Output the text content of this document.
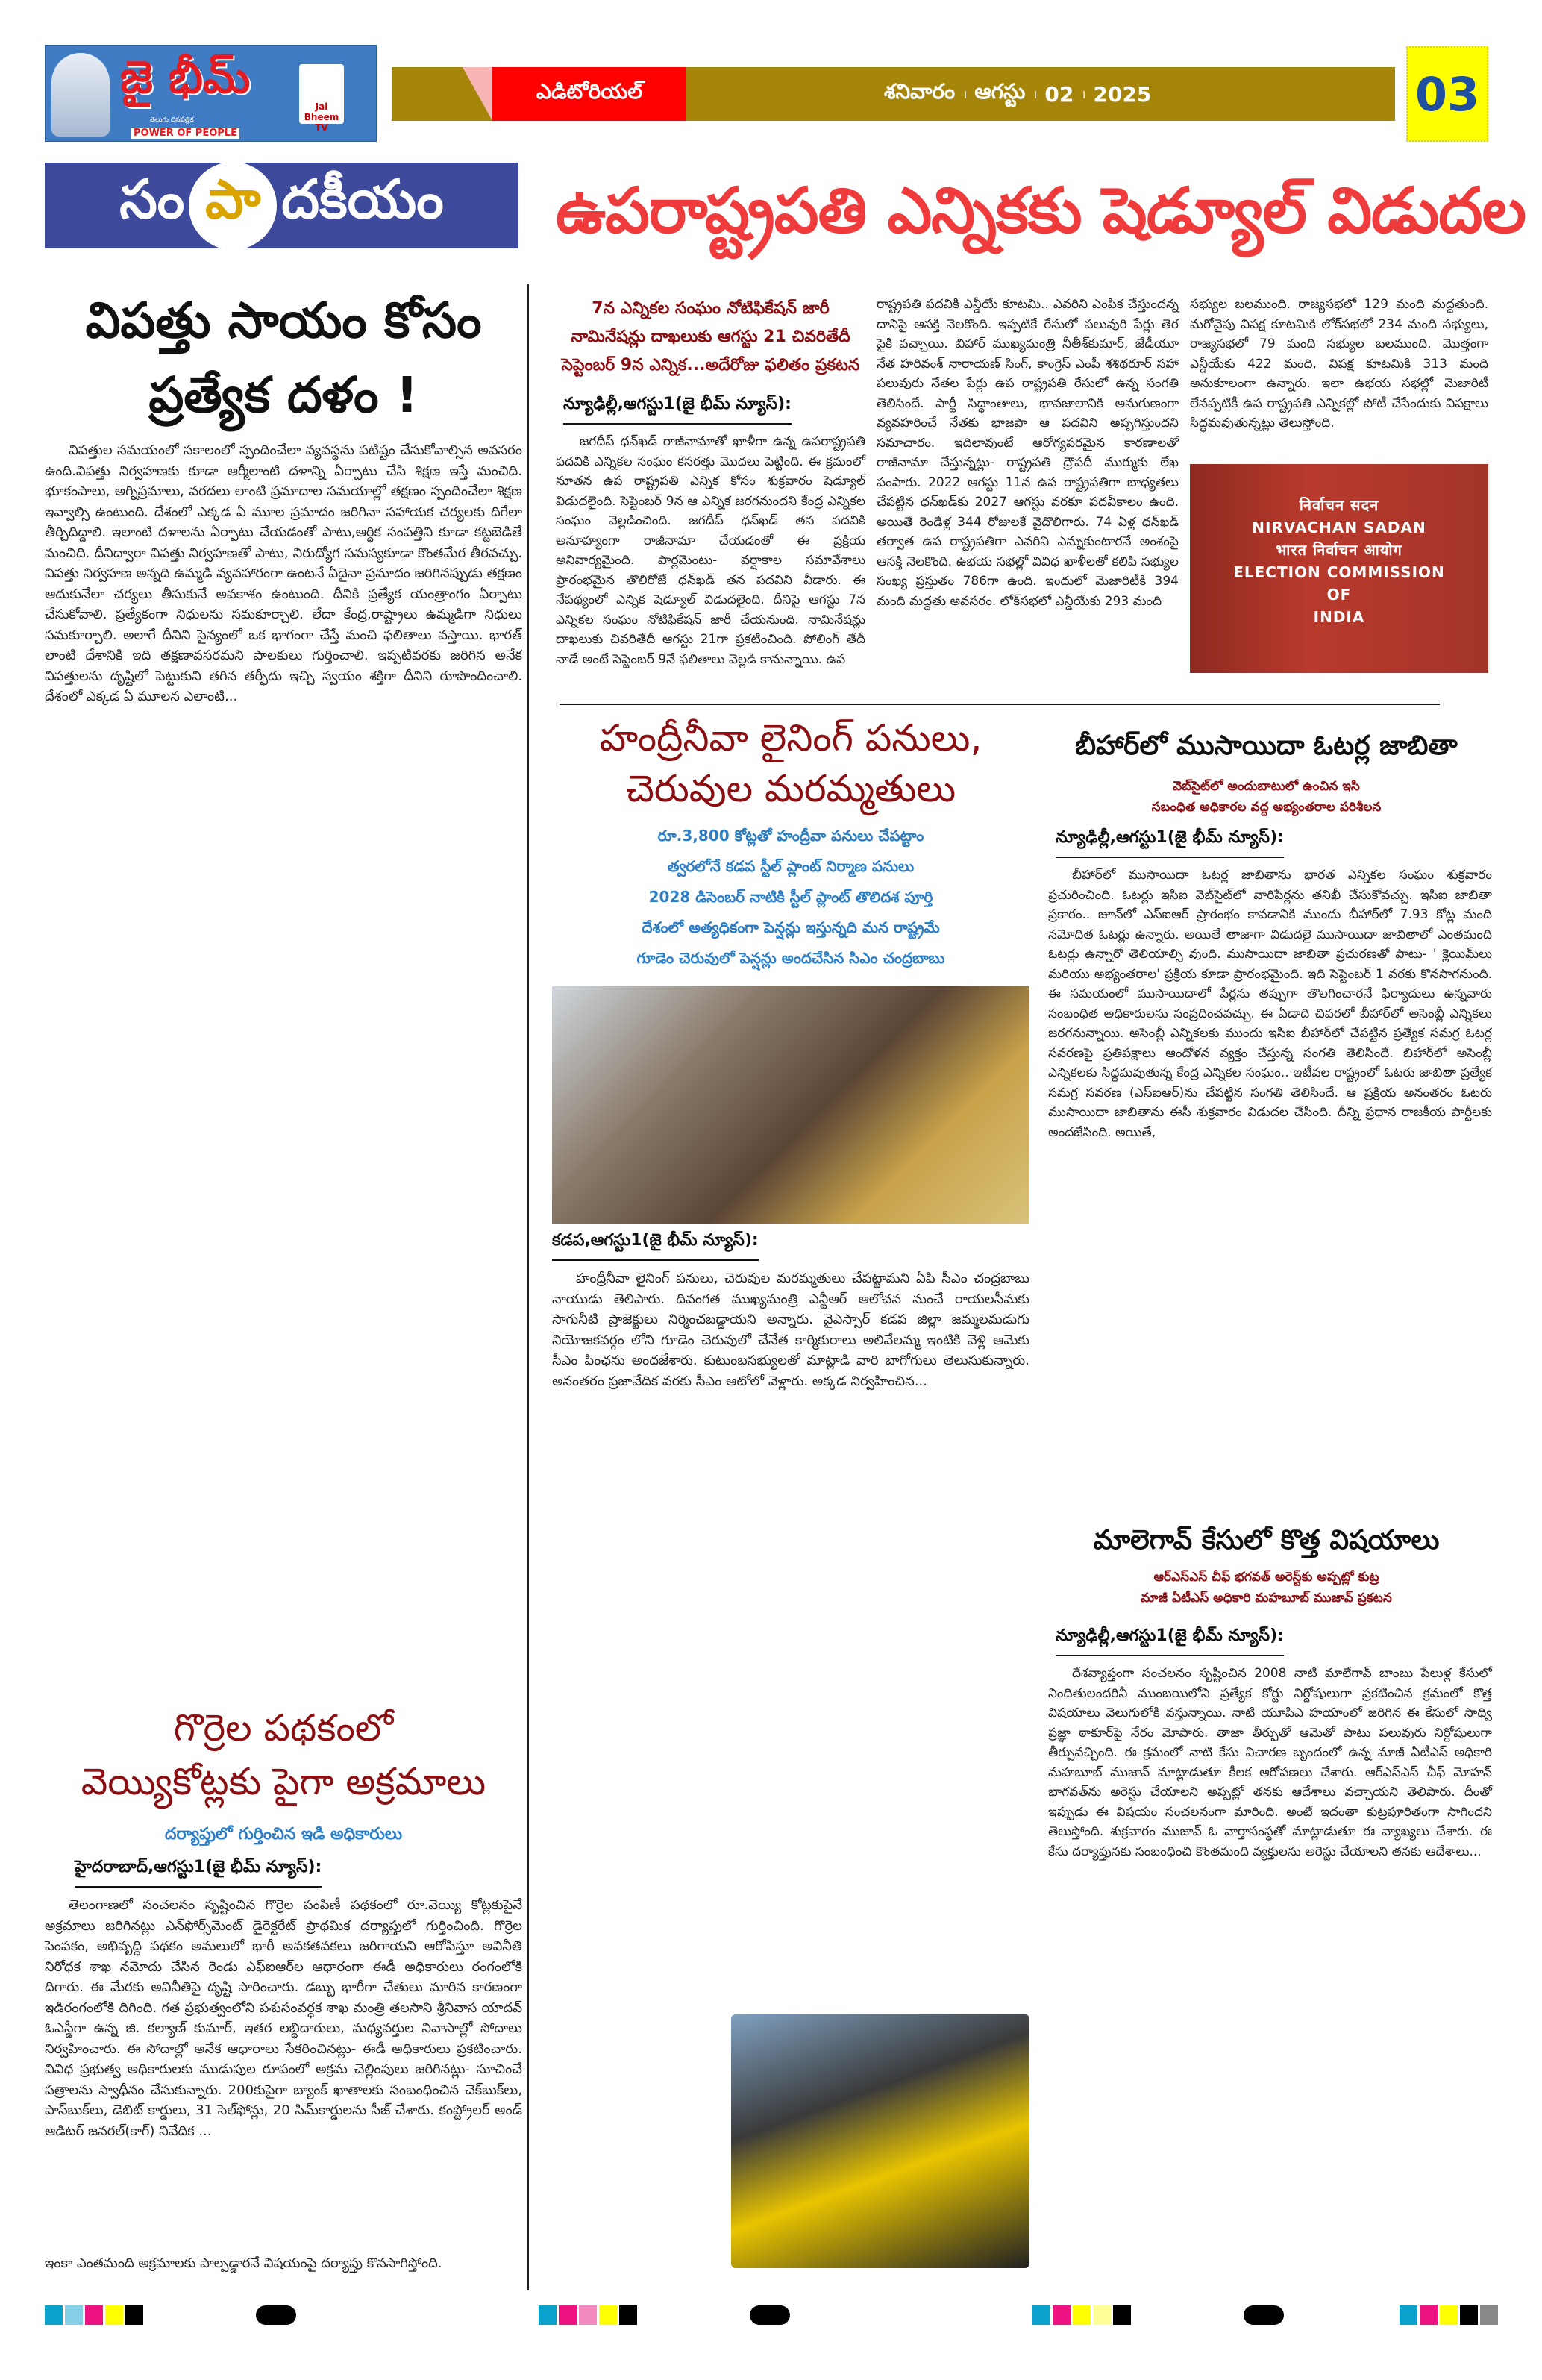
జై భీమ్
తెలుగు దినపత్రిక
POWER OF PEOPLE
Jai Bheem TV
ఎడిటోరియల్	శనివారం । ఆగస్టు । 02 । 2025	03
సం పా దకీయం ఉపరాష్ట్రపతి ఎన్నికకు షెడ్యూల్ విడుదల
విపత్తు సాయం కోసం ప్రత్యేక దళం !
విపత్తుల సమయంలో సకాలంలో స్పందించేలా వ్యవస్థను పటిష్టం చేసుకోవాల్సిన అవసరం ఉంది.విపత్తు నిర్వహణకు కూడా ఆర్మీలాంటి దళాన్ని ఏర్పాటు చేసి శిక్షణ ఇస్తే మంచిది. భూకంపాలు, అగ్నిప్రమాలు, వరదలు లాంటి ప్రమాదాల సమయాల్లో తక్షణం స్పందించేలా శిక్షణ ఇవ్వాల్సి ఉంటుంది. దేశంలో ఎక్కడ ఏ మూల ప్రమాదం జరిగినా సహాయక చర్యలకు దిగేలా తీర్చిదిద్దాలి. ఇలాంటి దళాలను ఏర్పాటు చేయడంతో పాటు,ఆర్థిక సంపత్తిని కూడా కట్టబెడితే మంచిది. దీనిద్వారా విపత్తు నిర్వహణతో పాటు, నిరుద్యోగ సమస్యకూడా కొంతమేర తీరవచ్చు. విపత్తు నిర్వహణ అన్నది ఉమ్మడి వ్యవహారంగా ఉంటనే ఏదైనా ప్రమాదం జరిగినప్పుడు తక్షణం ఆదుకునేలా చర్యలు తీసుకునే అవకాశం ఉంటుంది. దీనికి ప్రత్యేక యంత్రాంగం ఏర్పాటు చేసుకోవాలి. ప్రత్యేకంగా నిధులను సమకూర్చాలి. లేదా కేంద్ర,రాష్ట్రాలు ఉమ్మడిగా నిధులు సమకూర్చాలి. అలాగే దీనిని సైన్యంలో ఒక భాగంగా చేస్తే మంచి ఫలితాలు వస్తాయి. భారత్ లాంటి దేశానికి ఇది తక్షణావసరమని పాలకులు గుర్తించాలి. ఇప్పటివరకు జరిగిన అనేక విపత్తులను దృష్టిలో పెట్టుకుని తగిన తర్ఫీదు ఇచ్చి స్వయం శక్తిగా దీనిని రూపొందించాలి. దేశంలో ఎక్కడ ఏ మూలన ఎలాంటి...
గొర్రెల పథకంలో
వెయ్యికోట్లకు పైగా అక్రమాలు
దర్యాప్తులో గుర్తించిన ఇడి అధికారులు
హైదరాబాద్,ఆగస్టు1(జై భీమ్ న్యూస్):
తెలంగాణలో సంచలనం సృష్టించిన గొర్రెల పంపిణీ పథకంలో రూ.వెయ్యి కోట్లకుపైనే అక్రమాలు జరిగినట్లు ఎన్‌ఫోర్స్‌మెంట్ డైరెక్టరేట్ ప్రాథమిక దర్యాప్తులో గుర్తించింది. గొర్రెల పెంపకం, అభివృద్ధి పథకం అమలులో భారీ అవకతవకలు జరిగాయని ఆరోపిస్తూ అవినీతి నిరోధక శాఖ నమోదు చేసిన రెండు ఎఫ్‌ఐఆర్‌ల ఆధారంగా ఈడీ అధికారులు రంగంలోకి దిగారు. ఈ మేరకు అవినీతిపై దృష్టి సారించారు. డబ్బు భారీగా చేతులు మారిన కారణంగా ఇడిరంగంలోకి దిగింది. గత ప్రభుత్వంలోని పశుసంవర్ధక శాఖ మంత్రి తలసాని శ్రీనివాస యాదవ్ ఓఎస్డీగా ఉన్న జి. కల్యాణ్ కుమార్, ఇతర లబ్ధిదారులు, మధ్యవర్తుల నివాసాల్లో సోదాలు నిర్వహించారు. ఈ సోదాల్లో అనేక ఆధారాలు సేకరించినట్లు- ఈడీ అధికారులు ప్రకటించారు. వివిధ ప్రభుత్వ అధికారులకు ముడుపుల రూపంలో అక్రమ చెల్లింపులు జరిగినట్లు- సూచించే పత్రాలను స్వాధీనం చేసుకున్నారు. 200కుపైగా బ్యాంక్ ఖాతాలకు సంబంధించిన చెక్‌బుక్‌లు, పాస్‌బుక్‌లు, డెబిట్ కార్డులు, 31 సెల్‌ఫోన్లు, 20 సిమ్‌కార్డులను సీజ్ చేశారు. కంప్ట్రోలర్ అండ్ ఆడిటర్ జనరల్(కాగ్) నివేదిక ...
ఇంకా ఎంతమంది అక్రమాలకు పాల్పడ్డారనే విషయంపై దర్యాప్తు కొనసాగిస్తోంది.
7న ఎన్నికల సంఘం నోటిఫికేషన్ జారీ
నామినేషన్లు దాఖలుకు ఆగస్టు 21 చివరితేదీ
సెప్టెంబర్ 9న ఎన్నిక...అదేరోజు ఫలితం ప్రకటన
న్యూఢిల్లీ,ఆగస్టు1(జై భీమ్ న్యూస్):
జగదీప్ ధన్‌ఖడ్ రాజీనామాతో ఖాళీగా ఉన్న ఉపరాష్ట్రపతి పదవికి ఎన్నికల సంఘం కసరత్తు మొదలు పెట్టింది. ఈ క్రమంలో నూతన ఉప రాష్ట్రపతి ఎన్నిక కోసం శుక్రవారం షెడ్యూల్ విడుదలైంది. సెప్టెంబర్ 9న ఆ ఎన్నిక జరగనుందని కేంద్ర ఎన్నికల సంఘం వెల్లడించింది. జగదీప్ ధన్‌ఖడ్ తన పదవికి అనూహ్యంగా రాజీనామా చేయడంతో ఈ ప్రక్రియ అనివార్యమైంది. పార్లమెంటు- వర్షాకాల సమావేశాలు ప్రారంభమైన తొలిరోజే ధన్‌ఖడ్ తన పదవిని వీడారు. ఈ నేపథ్యంలో ఎన్నిక షెడ్యూల్ విడుదలైంది. దీనిపై ఆగస్టు 7న ఎన్నికల సంఘం నోటిఫికేషన్ జారీ చేయనుంది. నామినేషన్లు దాఖలుకు చివరితేదీ ఆగస్టు 21గా ప్రకటించింది. పోలింగ్ తేదీ నాడే అంటే సెప్టెంబర్ 9నే ఫలితాలు వెల్లడి కానున్నాయి. ఉప
రాష్ట్రపతి పదవికి ఎన్డీయే కూటమి.. ఎవరిని ఎంపిక చేస్తుందన్న దానిపై ఆసక్తి నెలకొంది. ఇప్పటికే రేసులో పలువురి పేర్లు తెర పైకి వచ్చాయి. బిహార్ ముఖ్యమంత్రి నీతీశ్‌కుమార్, జేడీయూ నేత హరివంశ్ నారాయణ్ సింగ్, కాంగ్రెస్ ఎంపీ శశిథరూర్ సహా పలువురు నేతల పేర్లు ఉప రాష్ట్రపతి రేసులో ఉన్న సంగతి తెలిసిందే. పార్టీ సిద్ధాంతాలు, భావజాలానికి అనుగుణంగా వ్యవహరించే నేతకు భాజపా ఆ పదవిని అప్పగిస్తుందని సమాచారం. ఇదిలావుంటే ఆరోగ్యపరమైన కారణాలతో రాజీనామా చేస్తున్నట్లు- రాష్ట్రపతి ద్రౌపదీ ముర్ముకు లేఖ పంపారు. 2022 ఆగస్టు 11న ఉప రాష్ట్రపతిగా బాధ్యతలు చేపట్టిన ధన్‌ఖడ్‌కు 2027 ఆగస్టు వరకూ పదవీకాలం ఉంది. అయితే రెండేళ్ల 344 రోజులకే వైదొలిగారు. 74 ఏళ్ల ధన్‌ఖడ్ తర్వాత ఉప రాష్ట్రపతిగా ఎవరిని ఎన్నుకుంటారనే అంశంపై ఆసక్తి నెలకొంది. ఉభయ సభల్లో వివిధ ఖాళీలతో కలిపి సభ్యుల సంఖ్య ప్రస్తుతం 786గా ఉంది. ఇందులో మెజారిటీకి 394 మంది మద్దతు అవసరం. లోక్‌సభలో ఎన్డీయేకు 293 మంది
సభ్యుల బలముంది. రాజ్యసభలో 129 మంది మద్దతుంది. మరోవైపు విపక్ష కూటమికి లోక్‌సభలో 234 మంది సభ్యులు, రాజ్యసభలో 79 మంది సభ్యుల బలముంది. మొత్తంగా ఎన్డీయేకు 422 మంది, విపక్ష కూటమికి 313 మంది అనుకూలంగా ఉన్నారు. ఇలా ఉభయ సభల్లో మెజారిటీ లేనప్పటికీ ఉప రాష్ట్రపతి ఎన్నికల్లో పోటీ చేసేందుకు విపక్షాలు సిద్ధమవుతున్నట్లు తెలుస్తోంది.
निर्वाचन सदन
NIRVACHAN SADAN
भारत निर्वाचन आयोग
ELECTION COMMISSION
OF
INDIA
హంద్రీనీవా లైనింగ్ పనులు,
చెరువుల మరమ్మతులు
రూ.3,800 కోట్లతో హంద్రీవా పనులు చేపట్టాం
త్వరలోనే కడప స్టీల్ ప్లాంట్ నిర్మాణ పనులు
2028 డిసెంబర్ నాటికి స్టీల్ ప్లాంట్ తొలిదశ పూర్తి
దేశంలో అత్యధికంగా పెన్షన్లు ఇస్తున్నది మన రాష్ట్రమే
గూడెం చెరువులో పెన్షన్లు అందచేసిన సిఎం చంద్రబాబు
కడప,ఆగస్టు1(జై భీమ్ న్యూస్):
హంద్రీనీవా లైనింగ్ పనులు, చెరువుల మరమ్మతులు చేపట్టామని ఏపి సీఎం చంద్రబాబు నాయుడు తెలిపారు. దివంగత ముఖ్యమంత్రి ఎన్టీఆర్ ఆలోచన నుంచే రాయలసీమకు సాగునీటి ప్రాజెక్టులు నిర్మించబడ్డాయని అన్నారు. వైఎస్సార్ కడప జిల్లా జమ్మలమడుగు నియోజకవర్గం లోని గూడెం చెరువులో చేనేత కార్మికురాలు అలివేలమ్మ ఇంటికి వెళ్లి ఆమెకు సీఎం పింఛను అందజేశారు. కుటుంబసభ్యులతో మాట్లాడి వారి బాగోగులు తెలుసుకున్నారు. అనంతరం ప్రజావేదిక వరకు సీఎం ఆటోలో వెళ్లారు. అక్కడ నిర్వహించిన...
బీహార్‌లో ముసాయిదా ఓటర్ల జాబితా
వెబ్‌సైట్‌లో అందుబాటులో ఉంచిన ఇసి
సబంధిత అధికారల వద్ద అభ్యంతరాల పరిశీలన
న్యూఢిల్లీ,ఆగస్టు1(జై భీమ్ న్యూస్):
బీహార్‌లో ముసాయిదా ఓటర్ల జాబితాను భారత ఎన్నికల సంఘం శుక్రవారం ప్రచురించింది. ఓటర్లు ఇసిఐ వెబ్‌సైట్‌లో వారిపేర్లను తనిఖీ చేసుకోవచ్చు. ఇసిఐ జాబితా ప్రకారం.. జూన్‌లో ఎస్‌ఐఆర్ ప్రారంభం కావడానికి ముందు బీహార్‌లో 7.93 కోట్ల మంది నమోదిత ఓటర్లు ఉన్నారు. అయితే తాజాగా విడుదలై ముసాయిదా జాబితాలో ఎంతమంది ఓటర్లు ఉన్నారో తెలియాల్సి వుంది. ముసాయిదా జాబితా ప్రచురణతో పాటు- ' క్లెయిమ్‌లు మరియు అభ్యంతరాల' ప్రక్రియ కూడా ప్రారంభమైంది. ఇది సెప్టెంబర్ 1 వరకు కొనసాగనుంది. ఈ సమయంలో ముసాయిదాలో పేర్లను తప్పుగా తొలగించారనే ఫిర్యాదులు ఉన్నవారు సంబంధిత అధికారులను సంప్రదించవచ్చు. ఈ ఏడాది చివరలో బీహార్‌లో అసెంబ్లీ ఎన్నికలు జరగనున్నాయి. అసెంబ్లీ ఎన్నికలకు ముందు ఇసిఐ బీహార్‌లో చేపట్టిన ప్రత్యేక సమగ్ర ఓటర్ల సవరణపై ప్రతిపక్షాలు ఆందోళన వ్యక్తం చేస్తున్న సంగతి తెలిసిందే. బిహార్‌లో అసెంబ్లీ ఎన్నికలకు సిద్ధమవుతున్న కేంద్ర ఎన్నికల సంఘం.. ఇటీవల రాష్ట్రంలో ఓటరు జాబితా ప్రత్యేక సమగ్ర సవరణ (ఎస్‌ఐఆర్)ను చేపట్టిన సంగతి తెలిసిందే. ఆ ప్రక్రియ అనంతరం ఓటరు ముసాయిదా జాబితాను ఈసీ శుక్రవారం విడుదల చేసింది. దీన్ని ప్రధాన రాజకీయ పార్టీలకు అందజేసింది. అయితే,
మాలెగావ్ కేసులో కొత్త విషయాలు
ఆర్‌ఎస్‌ఎస్ చీఫ్ భగవత్ అరెస్ట్‌కు అప్పట్లో కుట్ర
మాజీ ఏటీఎస్ అధికారి మహబూబ్ ముజావ్ ప్రకటన
న్యూఢిల్లీ,ఆగస్టు1(జై భీమ్ న్యూస్):
దేశవ్యాప్తంగా సంచలనం సృష్టించిన 2008 నాటి మాలేగావ్ బాంబు పేలుళ్ల కేసులో నిందితులందరినీ ముంబయిలోని ప్రత్యేక కోర్టు నిర్దోషులుగా ప్రకటించిన క్రమంలో కొత్త విషయాలు వెలుగులోకి వస్తున్నాయి. నాటి యూపిఎ హయాంలో జరిగిన ఈ కేసులో సాధ్వి ప్రజ్ఞా ఠాకూర్‌పై నేరం మోపారు. తాజా తీర్పుతో ఆమెతో పాటు పలువురు నిర్దోషులుగా తీర్పువచ్చింది. ఈ క్రమంలో నాటి కేసు విచారణ బృందంలో ఉన్న మాజీ ఏటీఎస్ అధికారి మహబూబ్ ముజావ్ మాట్లాడుతూ కీలక ఆరోపణలు చేశారు. ఆర్‌ఎస్‌ఎస్ చీఫ్ మోహన్ భాగవత్‌ను అరెస్టు చేయాలని అప్పట్లో తనకు ఆదేశాలు వచ్చాయని తెలిపారు. దీంతో ఇప్పుడు ఈ విషయం సంచలనంగా మారింది. అంటే ఇదంతా కుట్రపూరితంగా సాగిందని తెలుస్తోంది. శుక్రవారం ముజావ్ ఓ వార్తాసంస్థతో మాట్లాడుతూ ఈ వ్యాఖ్యలు చేశారు. ఈ కేసు దర్యాప్తునకు సంబంధించి కొంతమంది వ్యక్తులను అరెస్టు చేయాలని తనకు ఆదేశాలు...
